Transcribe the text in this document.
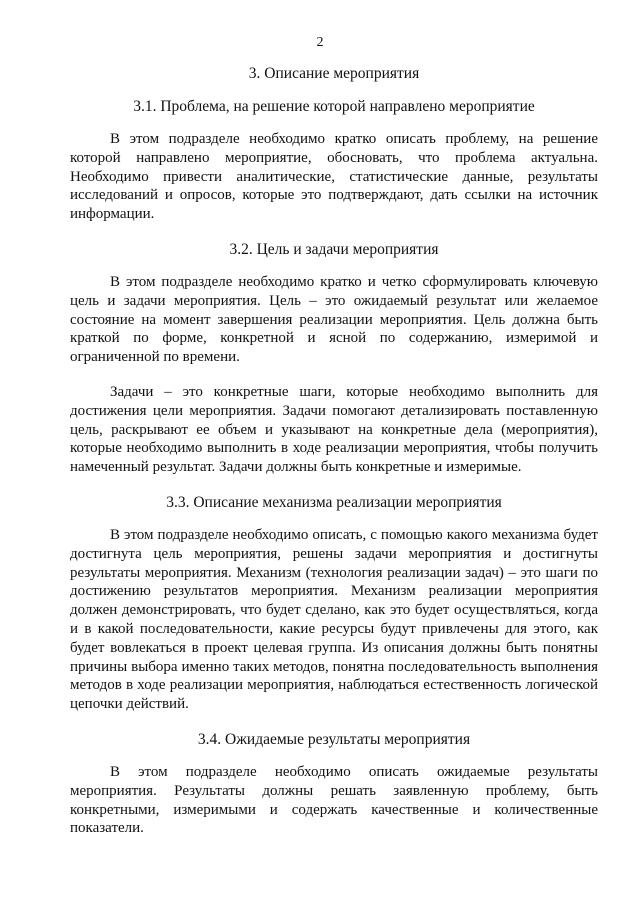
2

3. Описание мероприятия

3.1. Проблема, на решение которой направлено мероприятие

В этом подразделе необходимо кратко описать проблему, на решение которой направлено мероприятие, обосновать, что проблема актуальна. Необходимо привести аналитические, статистические данные, результаты исследований и опросов, которые это подтверждают, дать ссылки на источник информации.

3.2. Цель и задачи мероприятия

В этом подразделе необходимо кратко и четко сформулировать ключевую цель и задачи мероприятия. Цель – это ожидаемый результат или желаемое состояние на момент завершения реализации мероприятия. Цель должна быть краткой по форме, конкретной и ясной по содержанию, измеримой и ограниченной по времени.

Задачи – это конкретные шаги, которые необходимо выполнить для достижения цели мероприятия. Задачи помогают детализировать поставленную цель, раскрывают ее объем и указывают на конкретные дела (мероприятия), которые необходимо выполнить в ходе реализации мероприятия, чтобы получить намеченный результат. Задачи должны быть конкретные и измеримые.

3.3. Описание механизма реализации мероприятия

В этом подразделе необходимо описать, с помощью какого механизма будет достигнута цель мероприятия, решены задачи мероприятия и достигнуты результаты мероприятия. Механизм (технология реализации задач) – это шаги по достижению результатов мероприятия. Механизм реализации мероприятия должен демонстрировать, что будет сделано, как это будет осуществляться, когда и в какой последовательности, какие ресурсы будут привлечены для этого, как будет вовлекаться в проект целевая группа. Из описания должны быть понятны причины выбора именно таких методов, понятна последовательность выполнения методов в ходе реализации мероприятия, наблюдаться естественность логической цепочки действий.

3.4. Ожидаемые результаты мероприятия

В этом подразделе необходимо описать ожидаемые результаты мероприятия. Результаты должны решать заявленную проблему, быть конкретными, измеримыми и содержать качественные и количественные показатели.
